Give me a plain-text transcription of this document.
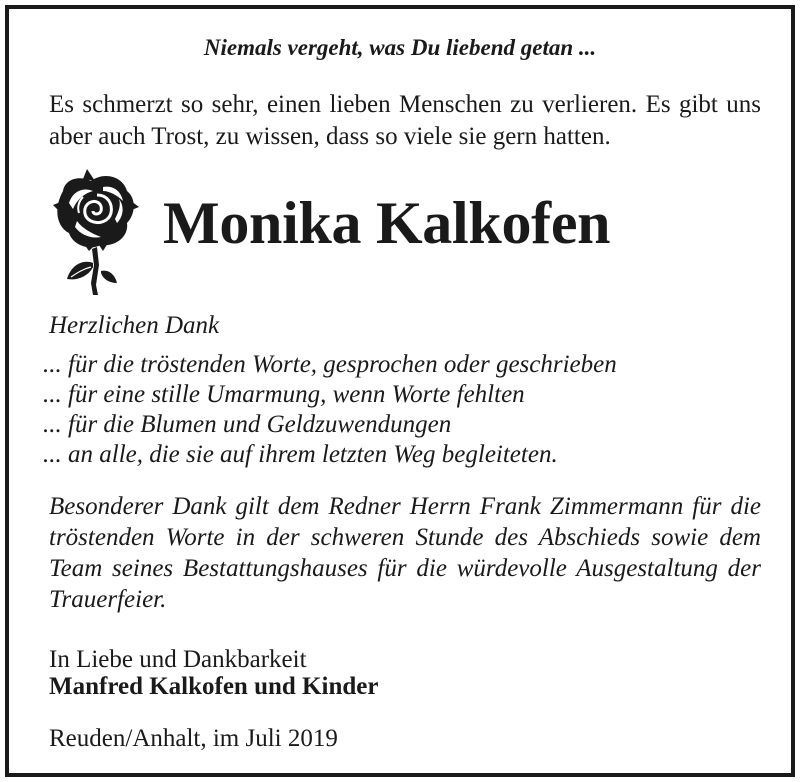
Niemals vergeht, was Du liebend getan ...
Es schmerzt so sehr, einen lieben Menschen zu verlieren. Es gibt uns aber auch Trost, zu wissen, dass so viele sie gern hatten.
Monika Kalkofen
Herzlichen Dank
... für die tröstenden Worte, gesprochen oder geschrieben
... für eine stille Umarmung, wenn Worte fehlten
... für die Blumen und Geldzuwendungen
... an alle, die sie auf ihrem letzten Weg begleiteten.
Besonderer Dank gilt dem Redner Herrn Frank Zimmermann für die tröstenden Worte in der schweren Stunde des Abschieds sowie dem Team seines Bestattungshauses für die würdevolle Ausgestaltung der Trauerfeier.
In Liebe und Dankbarkeit
Manfred Kalkofen und Kinder
Reuden/Anhalt, im Juli 2019
